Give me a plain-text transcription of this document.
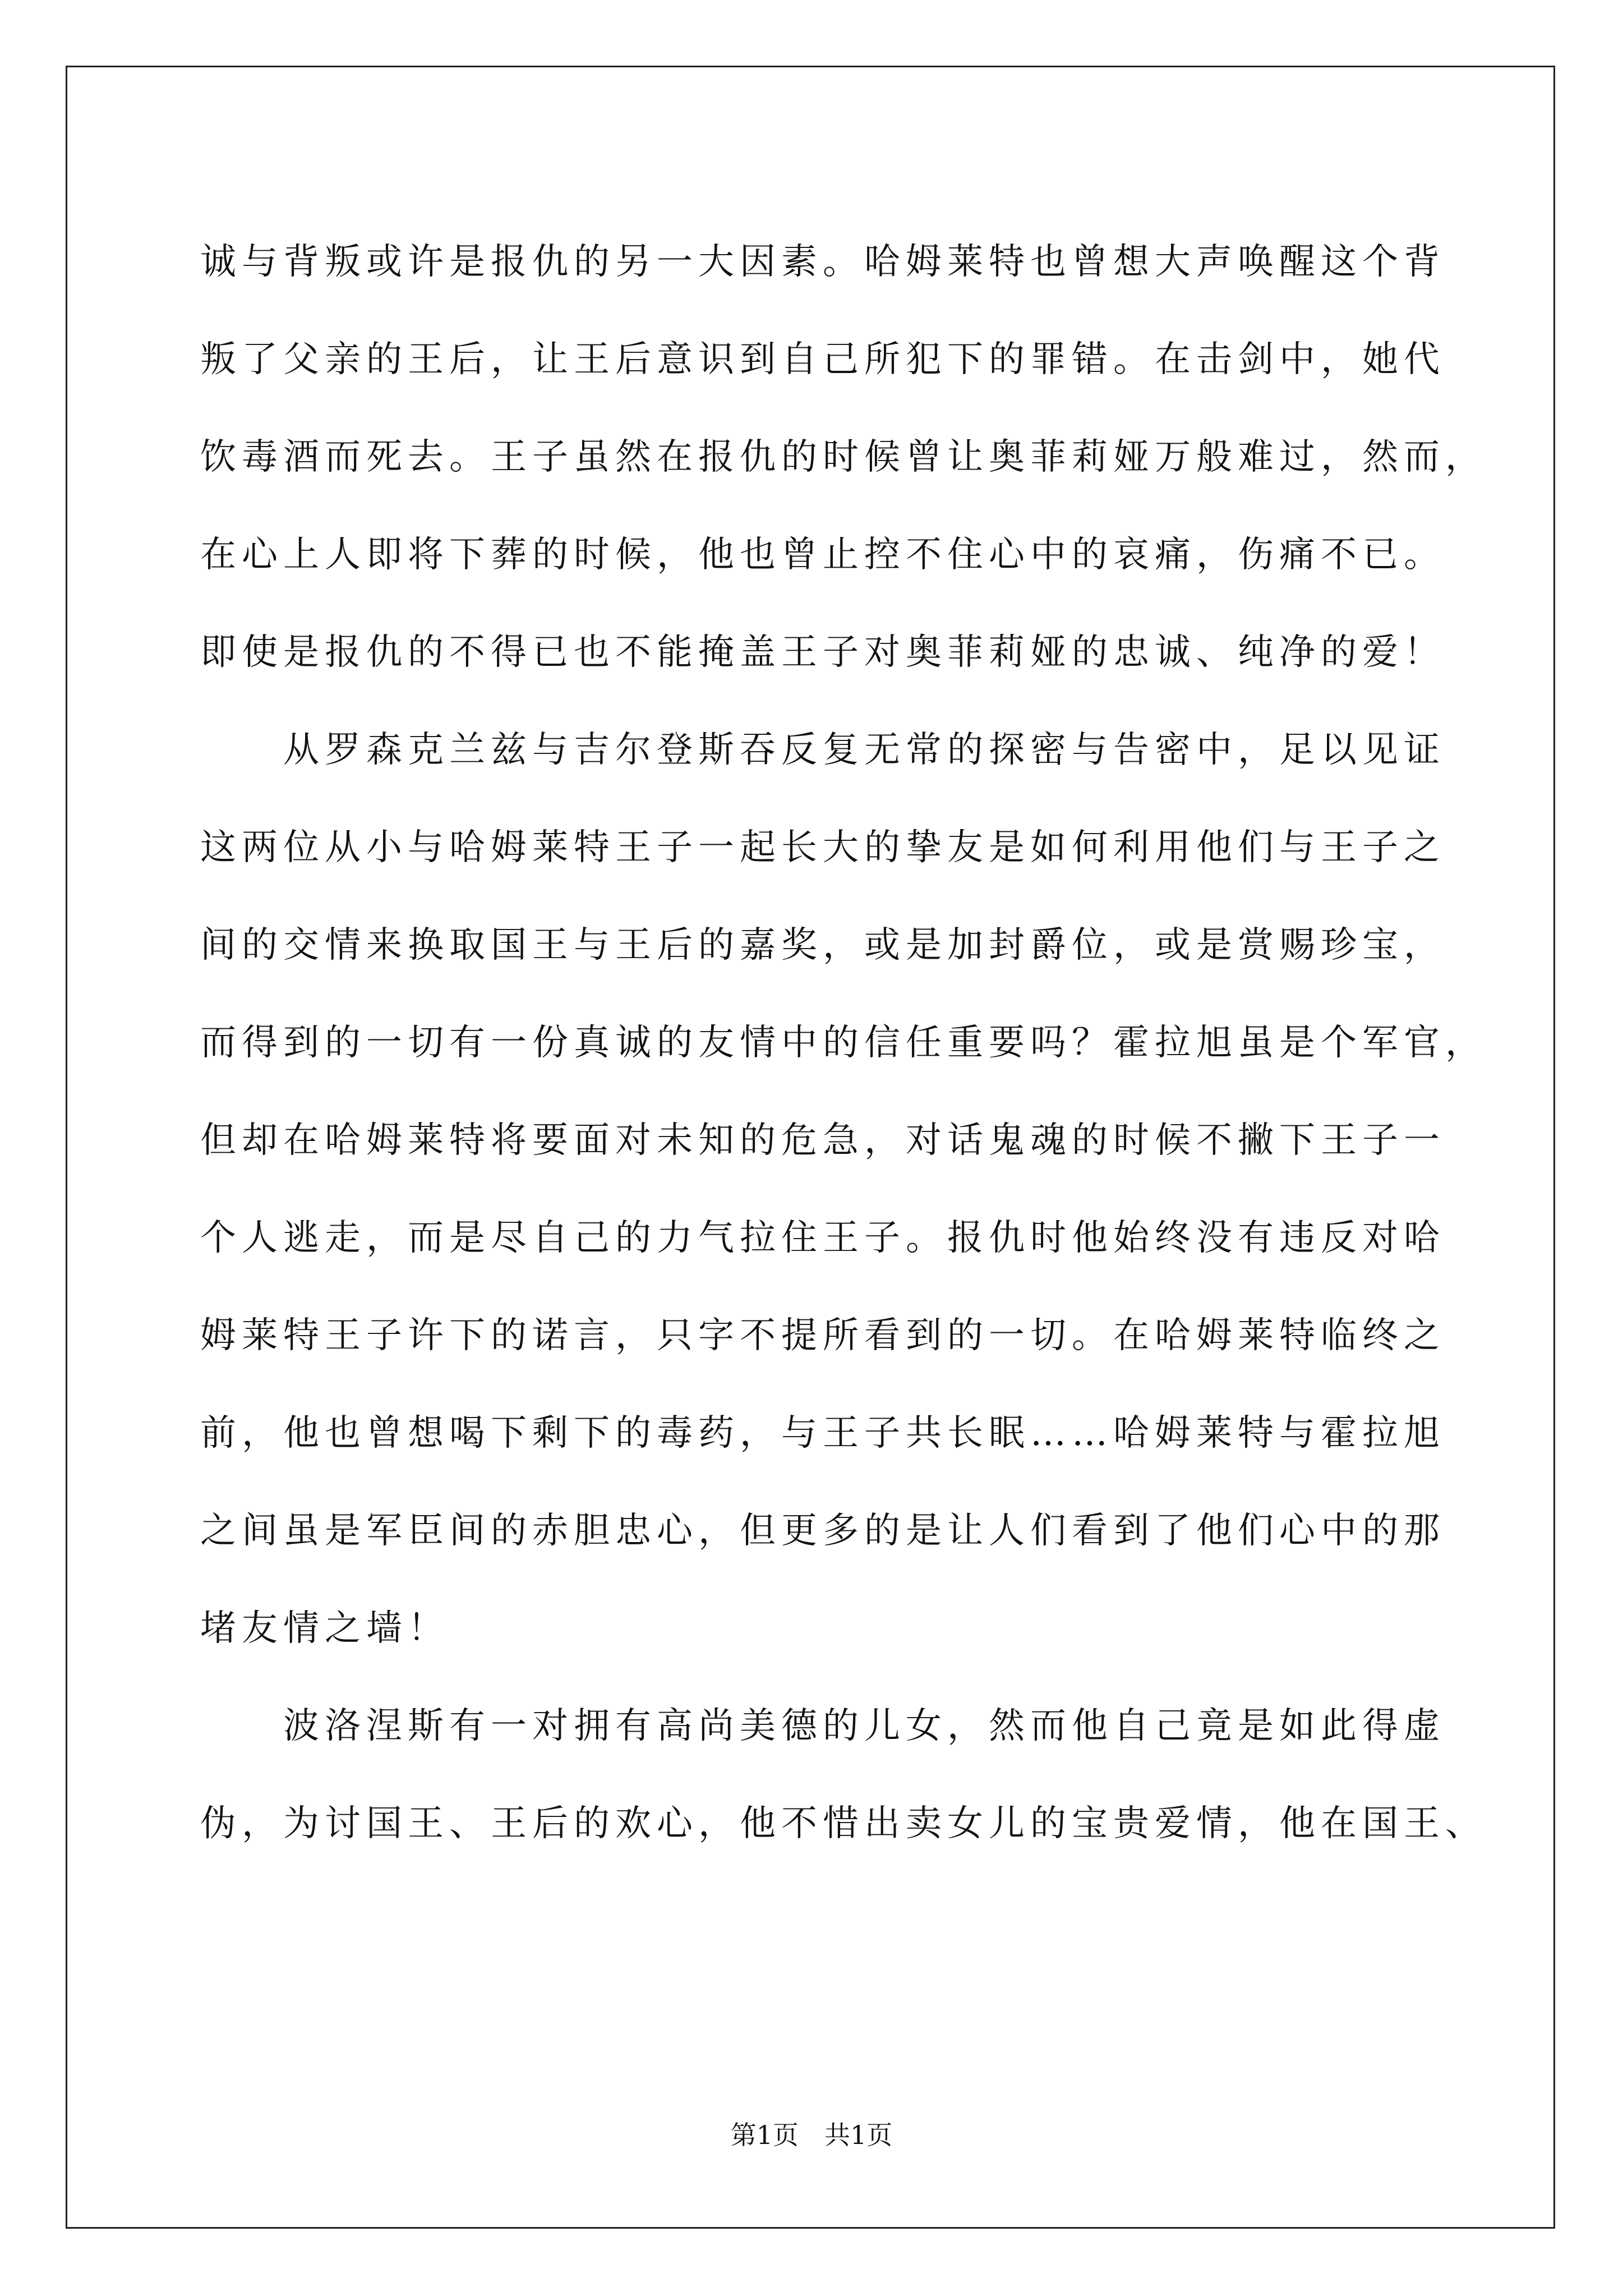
诚与背叛或许是报仇的另一大因素。哈姆莱特也曾想大声唤醒这个背
叛了父亲的王后，让王后意识到自己所犯下的罪错。在击剑中，她代
饮毒酒而死去。王子虽然在报仇的时候曾让奥菲莉娅万般难过，然而，
在心上人即将下葬的时候，他也曾止控不住心中的哀痛，伤痛不已。
即使是报仇的不得已也不能掩盖王子对奥菲莉娅的忠诚、纯净的爱！
　　从罗森克兰兹与吉尔登斯吞反复无常的探密与告密中，足以见证
这两位从小与哈姆莱特王子一起长大的挚友是如何利用他们与王子之
间的交情来换取国王与王后的嘉奖，或是加封爵位，或是赏赐珍宝，
而得到的一切有一份真诚的友情中的信任重要吗？霍拉旭虽是个军官，
但却在哈姆莱特将要面对未知的危急，对话鬼魂的时候不撇下王子一
个人逃走，而是尽自己的力气拉住王子。报仇时他始终没有违反对哈
姆莱特王子许下的诺言，只字不提所看到的一切。在哈姆莱特临终之
前，他也曾想喝下剩下的毒药，与王子共长眠……哈姆莱特与霍拉旭
之间虽是军臣间的赤胆忠心，但更多的是让人们看到了他们心中的那
堵友情之墙！
　　波洛涅斯有一对拥有高尚美德的儿女，然而他自己竟是如此得虚
伪，为讨国王、王后的欢心，他不惜出卖女儿的宝贵爱情，他在国王、
第1页　共1页
